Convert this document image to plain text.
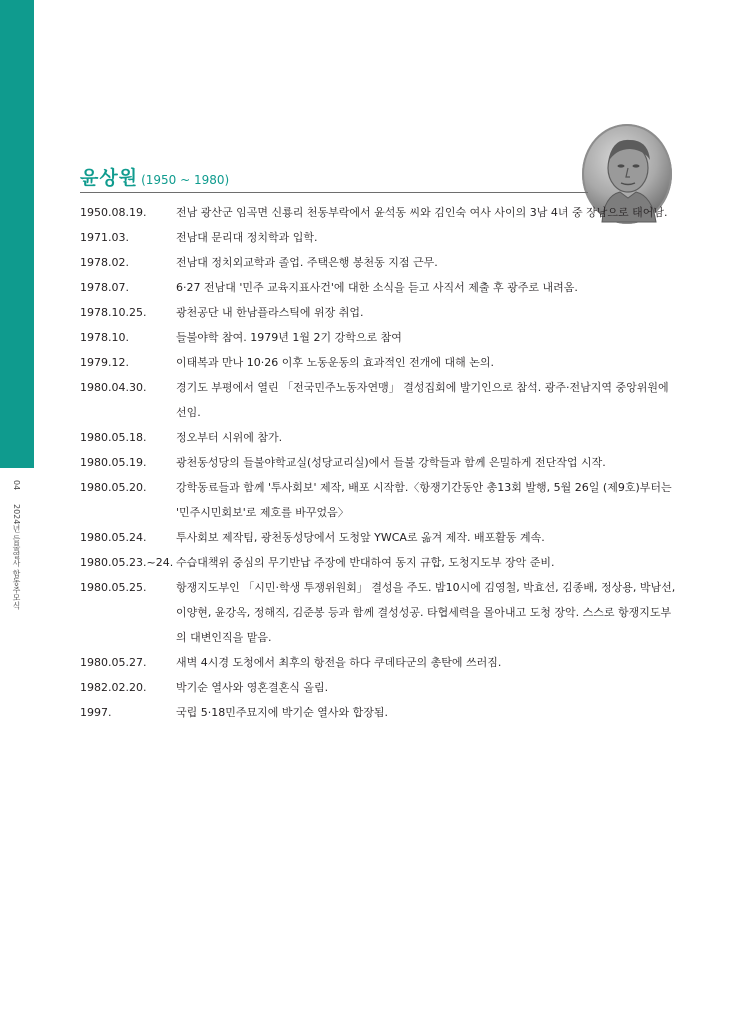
04
2024년 들불열사 합동추모식
윤상원 (1950 ~ 1980)
1950.08.19.	전남 광산군 임곡면 신룡리 천동부락에서 윤석동 씨와 김인숙 여사 사이의 3남 4녀 중 장남으로 태어남.
1971.03.	전남대 문리대 정치학과 입학.
1978.02.	전남대 정치외교학과 졸업. 주택은행 봉천동 지점 근무.
1978.07.	6·27 전남대 '민주 교육지표사건'에 대한 소식을 듣고 사직서 제출 후 광주로 내려옴.
1978.10.25.	광천공단 내 한남플라스틱에 위장 취업.
1978.10.	들불야학 참여. 1979년 1월 2기 강학으로 참여
1979.12.	이태복과 만나 10·26 이후 노동운동의 효과적인 전개에 대해 논의.
1980.04.30.	경기도 부평에서 열린 「전국민주노동자연맹」 결성집회에 발기인으로 참석. 광주·전남지역 중앙위원에 선임.
1980.05.18.	정오부터 시위에 참가.
1980.05.19.	광천동성당의 들불야학교실(성당교리실)에서 들불 강학들과 함께 은밀하게 전단작업 시작.
1980.05.20.	강학동료들과 함께 '투사회보' 제작, 배포 시작함.〈항쟁기간동안 총13회 발행, 5월 26일 (제9호)부터는 '민주시민회보'로 제호를 바꾸었음〉
1980.05.24.	투사회보 제작팀, 광천동성당에서 도청앞 YWCA로 옮겨 제작. 배포활동 계속.
1980.05.23.~24. 수습대책위 중심의 무기반납 주장에 반대하여 동지 규합, 도청지도부 장악 준비.
1980.05.25.	항쟁지도부인 「시민·학생 투쟁위원회」 결성을 주도. 밤10시에 김영철, 박효선, 김종배, 정상용, 박남선, 이양현, 윤강옥, 정해직, 김준봉 등과 함께 결성성공. 타협세력을 몰아내고 도청 장악. 스스로 항쟁지도부의 대변인직을 맡음.
1980.05.27.	새벽 4시경 도청에서 최후의 항전을 하다 쿠데타군의 총탄에 쓰러짐.
1982.02.20.	박기순 열사와 영혼결혼식 올림.
1997.	국립 5·18민주묘지에 박기순 열사와 합장됨.
